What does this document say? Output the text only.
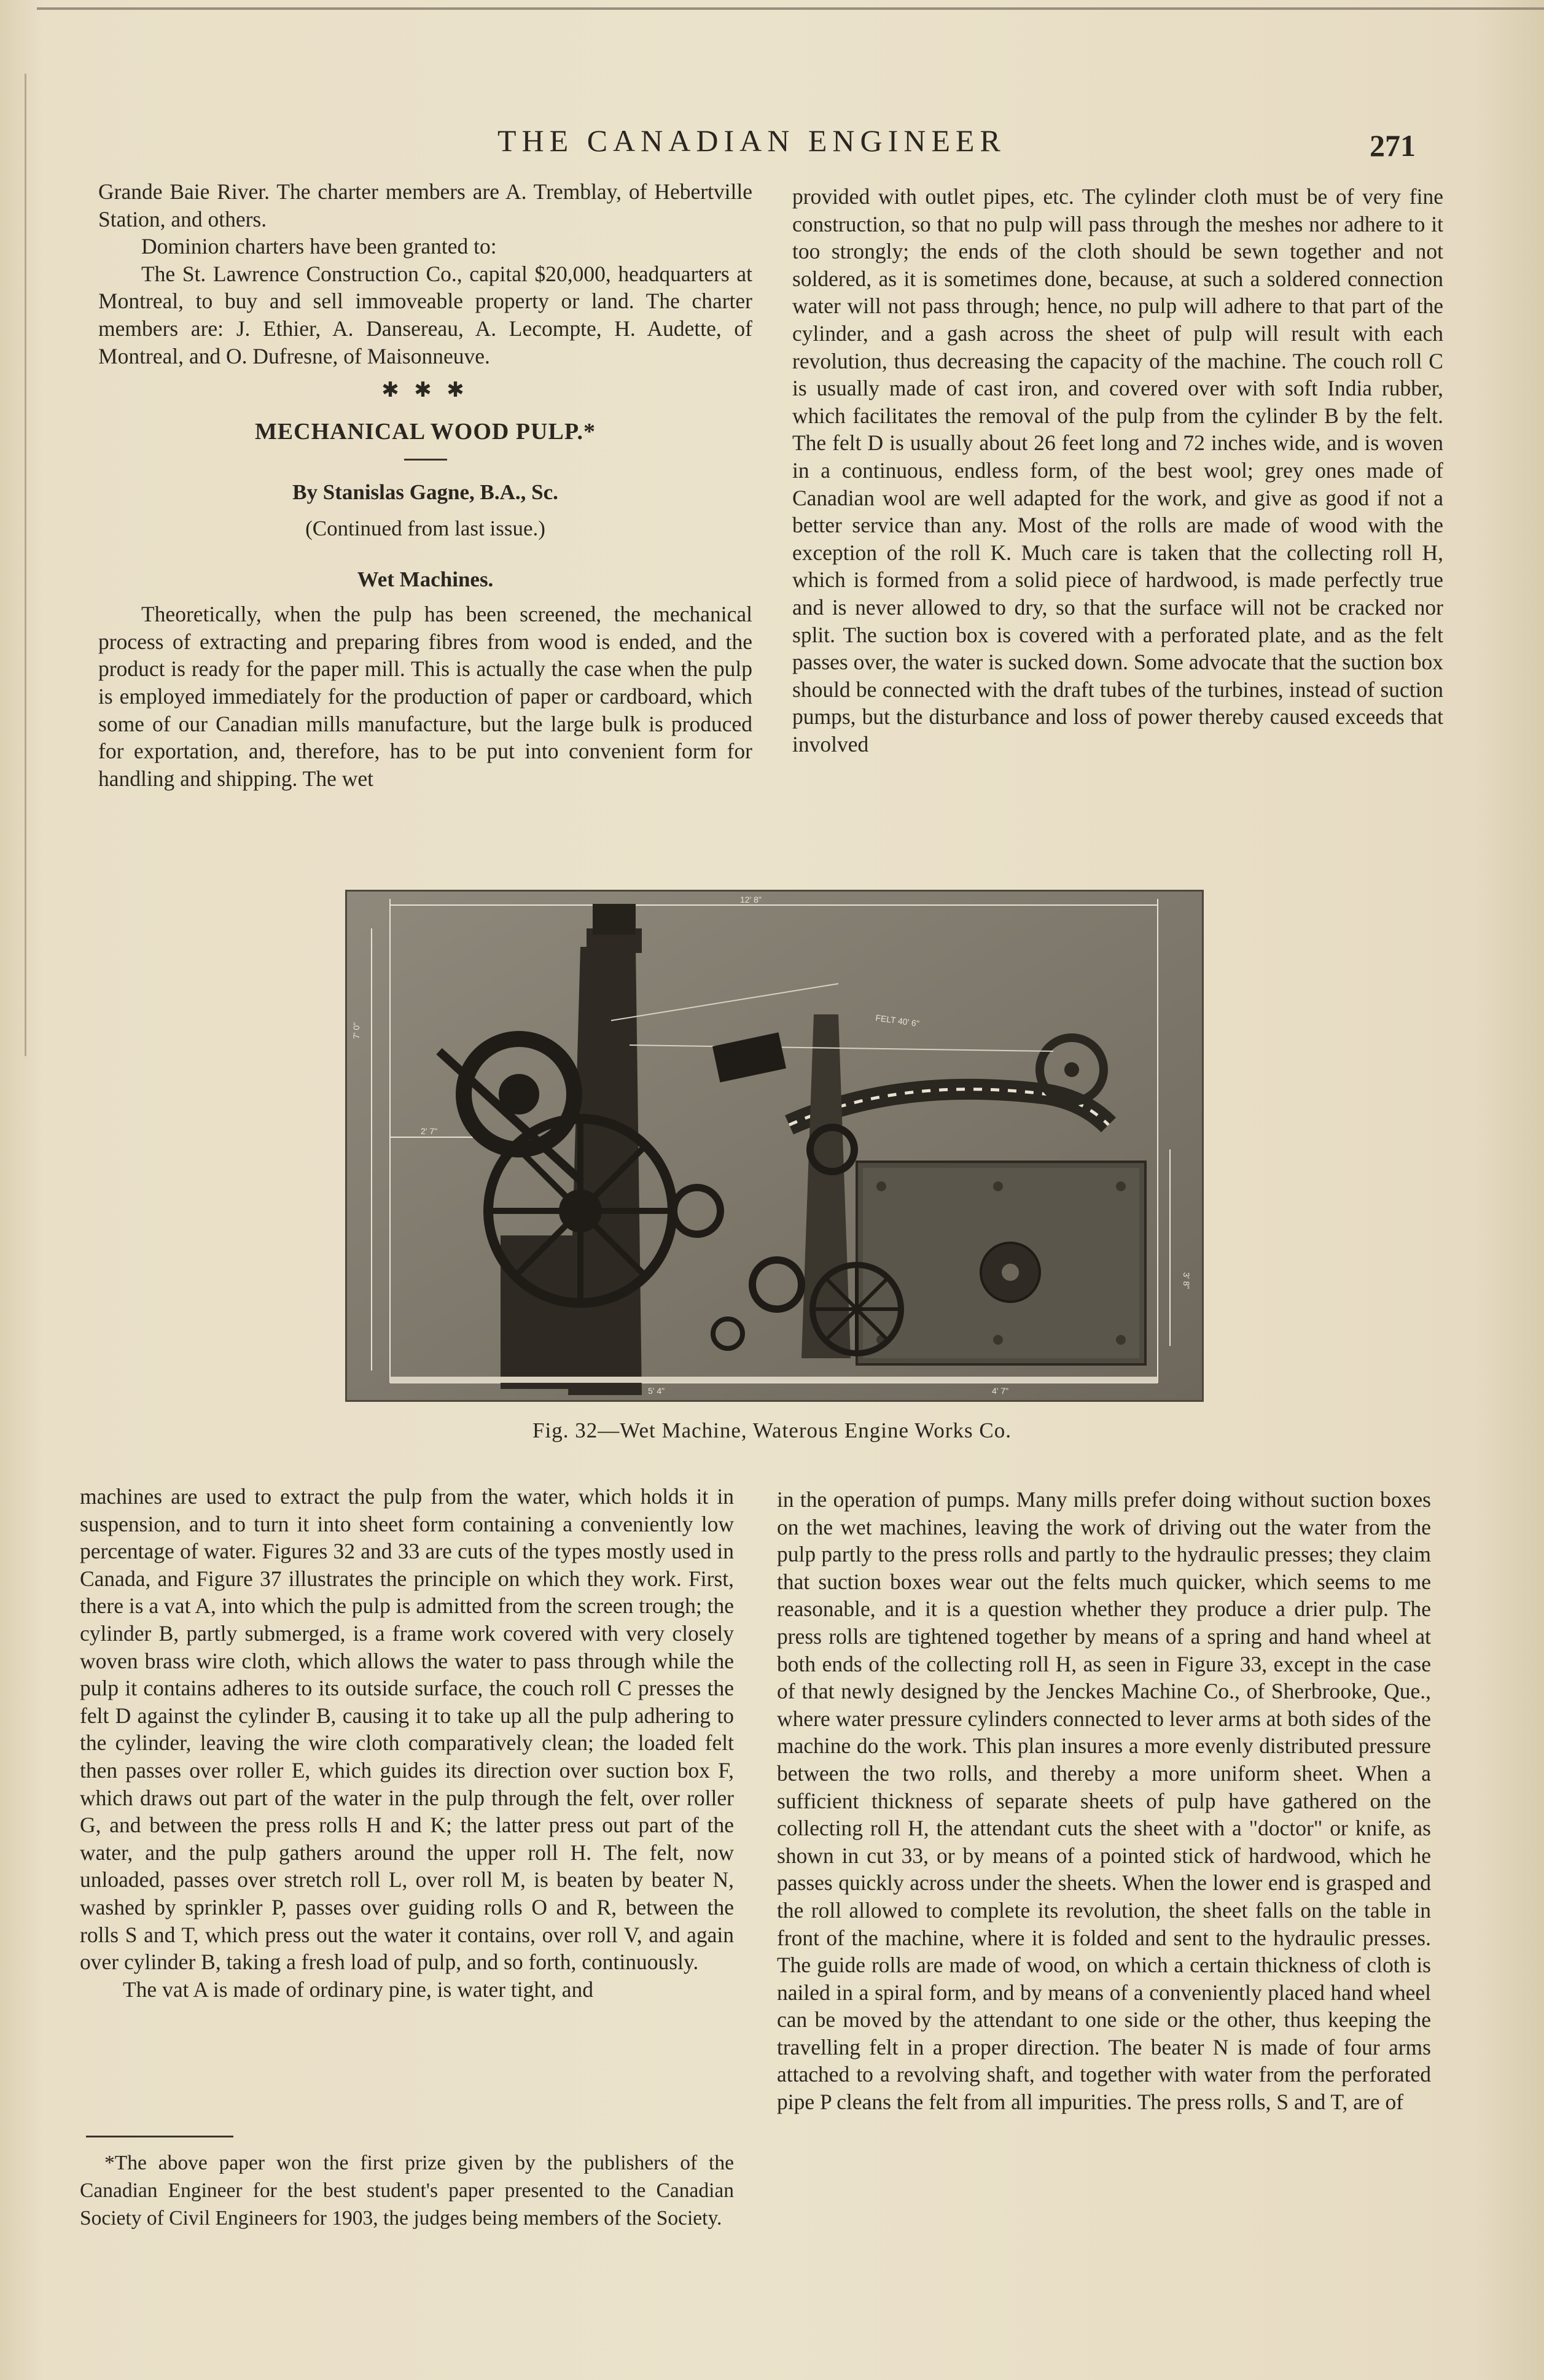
THE CANADIAN ENGINEER	271

Grande Baie River. The charter members are A. Tremblay, of Hebertville Station, and others.

Dominion charters have been granted to:

The St. Lawrence Construction Co., capital $20,000, headquarters at Montreal, to buy and sell immoveable property or land. The charter members are: J. Ethier, A. Dansereau, A. Lecompte, H. Audette, of Montreal, and O. Dufresne, of Maisonneuve.

✱ ✱ ✱
MECHANICAL WOOD PULP.*
By Stanislas Gagne, B.A., Sc.
(Continued from last issue.)
Wet Machines.

Theoretically, when the pulp has been screened, the mechanical process of extracting and preparing fibres from wood is ended, and the product is ready for the paper mill. This is actually the case when the pulp is employed immediately for the production of paper or cardboard, which some of our Canadian mills manufacture, but the large bulk is produced for exportation, and, therefore, has to be put into convenient form for handling and shipping. The wet

provided with outlet pipes, etc. The cylinder cloth must be of very fine construction, so that no pulp will pass through the meshes nor adhere to it too strongly; the ends of the cloth should be sewn together and not soldered, as it is sometimes done, because, at such a soldered connection water will not pass through; hence, no pulp will adhere to that part of the cylinder, and a gash across the sheet of pulp will result with each revolution, thus decreasing the capacity of the machine. The couch roll C is usually made of cast iron, and covered over with soft India rubber, which facilitates the removal of the pulp from the cylinder B by the felt. The felt D is usually about 26 feet long and 72 inches wide, and is woven in a continuous, endless form, of the best wool; grey ones made of Canadian wool are well adapted for the work, and give as good if not a better service than any. Most of the rolls are made of wood with the exception of the roll K. Much care is taken that the collecting roll H, which is formed from a solid piece of hardwood, is made perfectly true and is never allowed to dry, so that the surface will not be cracked nor split. The suction box is covered with a perforated plate, and as the felt passes over, the water is sucked down. Some advocate that the suction box should be connected with the draft tubes of the turbines, instead of suction pumps, but the disturbance and loss of power thereby caused exceeds that involved

12' 8"
7' 0"
2' 7"
5' 4"	4' 7"
3' 8"
FELT 40' 6"
Fig. 32—Wet Machine, Waterous Engine Works Co.

machines are used to extract the pulp from the water, which holds it in suspension, and to turn it into sheet form containing a conveniently low percentage of water. Figures 32 and 33 are cuts of the types mostly used in Canada, and Figure 37 illustrates the principle on which they work. First, there is a vat A, into which the pulp is admitted from the screen trough; the cylinder B, partly submerged, is a frame work covered with very closely woven brass wire cloth, which allows the water to pass through while the pulp it contains adheres to its outside surface, the couch roll C presses the felt D against the cylinder B, causing it to take up all the pulp adhering to the cylinder, leaving the wire cloth comparatively clean; the loaded felt then passes over roller E, which guides its direction over suction box F, which draws out part of the water in the pulp through the felt, over roller G, and between the press rolls H and K; the latter press out part of the water, and the pulp gathers around the upper roll H. The felt, now unloaded, passes over stretch roll L, over roll M, is beaten by beater N, washed by sprinkler P, passes over guiding rolls O and R, between the rolls S and T, which press out the water it contains, over roll V, and again over cylinder B, taking a fresh load of pulp, and so forth, continuously.

The vat A is made of ordinary pine, is water tight, and

*The above paper won the first prize given by the publishers of the Canadian Engineer for the best student's paper presented to the Canadian Society of Civil Engineers for 1903, the judges being members of the Society.

in the operation of pumps. Many mills prefer doing without suction boxes on the wet machines, leaving the work of driving out the water from the pulp partly to the press rolls and partly to the hydraulic presses; they claim that suction boxes wear out the felts much quicker, which seems to me reasonable, and it is a question whether they produce a drier pulp. The press rolls are tightened together by means of a spring and hand wheel at both ends of the collecting roll H, as seen in Figure 33, except in the case of that newly designed by the Jenckes Machine Co., of Sherbrooke, Que., where water pressure cylinders connected to lever arms at both sides of the machine do the work. This plan insures a more evenly distributed pressure between the two rolls, and thereby a more uniform sheet. When a sufficient thickness of separate sheets of pulp have gathered on the collecting roll H, the attendant cuts the sheet with a "doctor" or knife, as shown in cut 33, or by means of a pointed stick of hardwood, which he passes quickly across under the sheets. When the lower end is grasped and the roll allowed to complete its revolution, the sheet falls on the table in front of the machine, where it is folded and sent to the hydraulic presses. The guide rolls are made of wood, on which a certain thickness of cloth is nailed in a spiral form, and by means of a conveniently placed hand wheel can be moved by the attendant to one side or the other, thus keeping the travelling felt in a proper direction. The beater N is made of four arms attached to a revolving shaft, and together with water from the perforated pipe P cleans the felt from all impurities. The press rolls, S and T, are of
